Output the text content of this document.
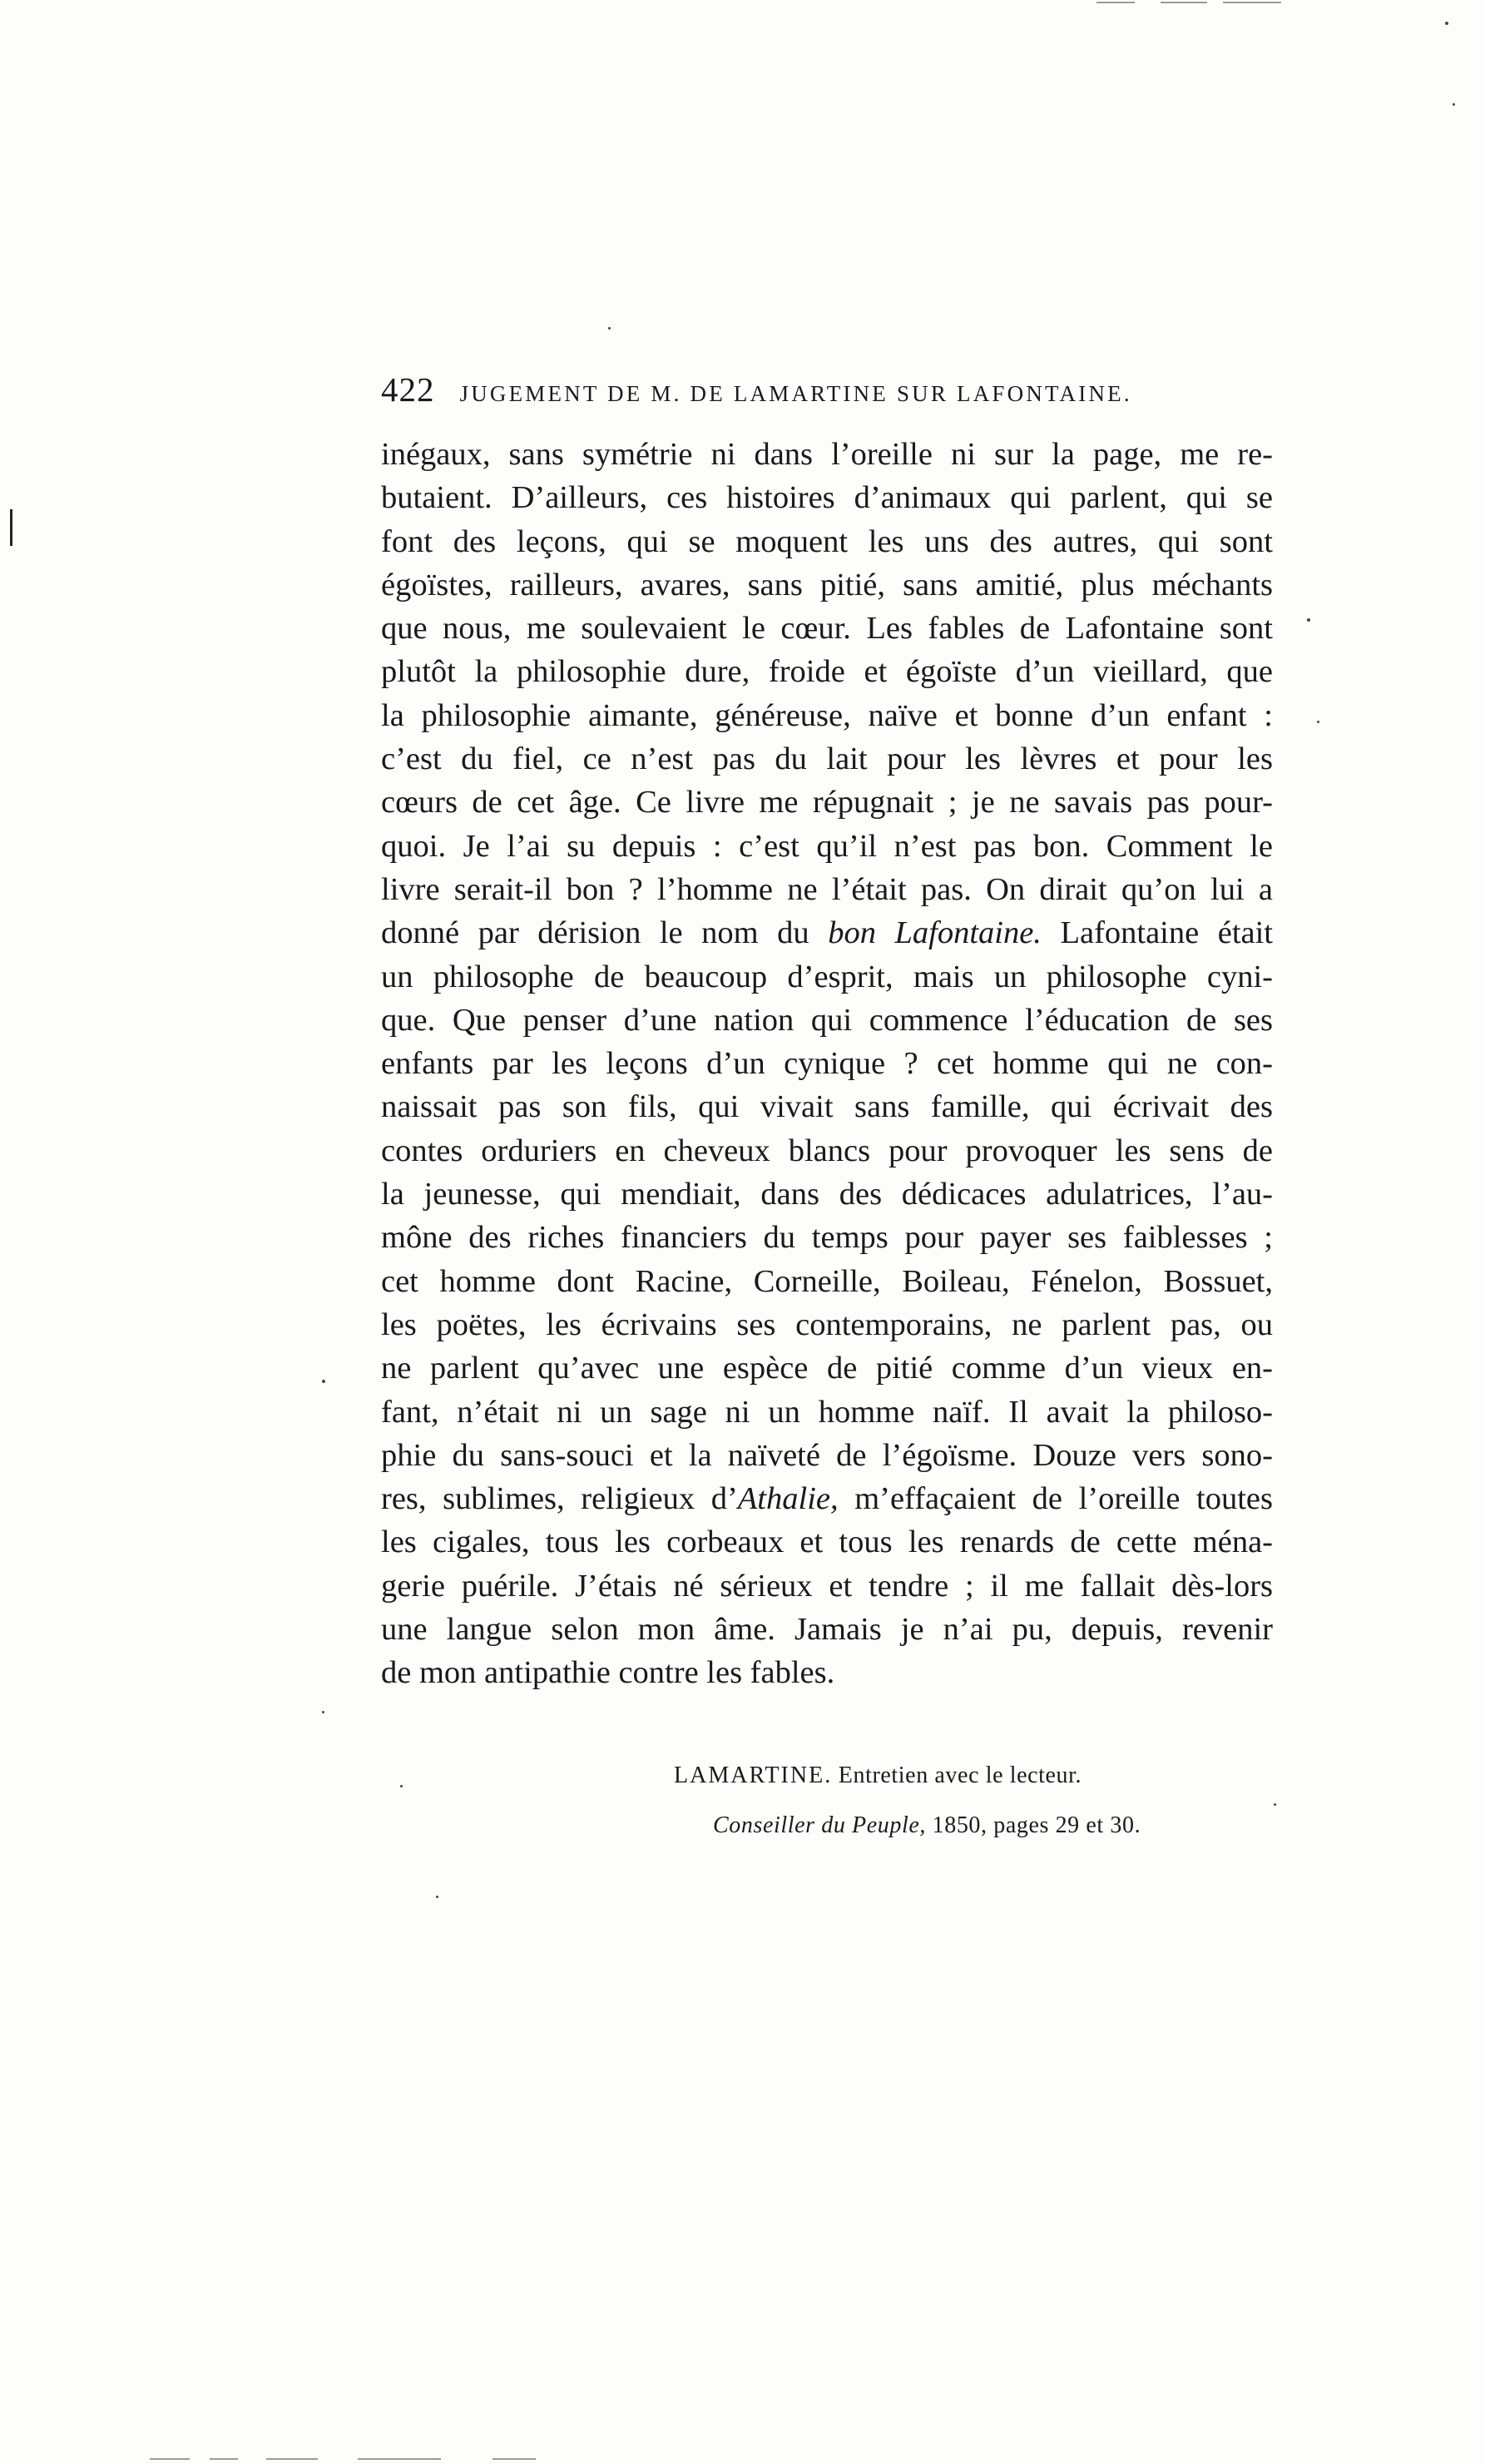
422 JUGEMENT DE M. DE LAMARTINE SUR LAFONTAINE.
inégaux, sans symétrie ni dans l’oreille ni sur la page, me re-
butaient. D’ailleurs, ces histoires d’animaux qui parlent, qui se
font des leçons, qui se moquent les uns des autres, qui sont
égoïstes, railleurs, avares, sans pitié, sans amitié, plus méchants
que nous, me soulevaient le cœur. Les fables de Lafontaine sont
plutôt la philosophie dure, froide et égoïste d’un vieillard, que
la philosophie aimante, généreuse, naïve et bonne d’un enfant :
c’est du fiel, ce n’est pas du lait pour les lèvres et pour les
cœurs de cet âge. Ce livre me répugnait ; je ne savais pas pour-
quoi. Je l’ai su depuis : c’est qu’il n’est pas bon. Comment le
livre serait-il bon ? l’homme ne l’était pas. On dirait qu’on lui a
donné par dérision le nom du bon Lafontaine. Lafontaine était
un philosophe de beaucoup d’esprit, mais un philosophe cyni-
que. Que penser d’une nation qui commence l’éducation de ses
enfants par les leçons d’un cynique ? cet homme qui ne con-
naissait pas son fils, qui vivait sans famille, qui écrivait des
contes orduriers en cheveux blancs pour provoquer les sens de
la jeunesse, qui mendiait, dans des dédicaces adulatrices, l’au-
mône des riches financiers du temps pour payer ses faiblesses ;
cet homme dont Racine, Corneille, Boileau, Fénelon, Bossuet,
les poëtes, les écrivains ses contemporains, ne parlent pas, ou
ne parlent qu’avec une espèce de pitié comme d’un vieux en-
fant, n’était ni un sage ni un homme naïf. Il avait la philoso-
phie du sans-souci et la naïveté de l’égoïsme. Douze vers sono-
res, sublimes, religieux d’Athalie, m’effaçaient de l’oreille toutes
les cigales, tous les corbeaux et tous les renards de cette ména-
gerie puérile. J’étais né sérieux et tendre ; il me fallait dès-lors
une langue selon mon âme. Jamais je n’ai pu, depuis, revenir
de mon antipathie contre les fables.
LAMARTINE. Entretien avec le lecteur.
Conseiller du Peuple, 1850, pages 29 et 30.
